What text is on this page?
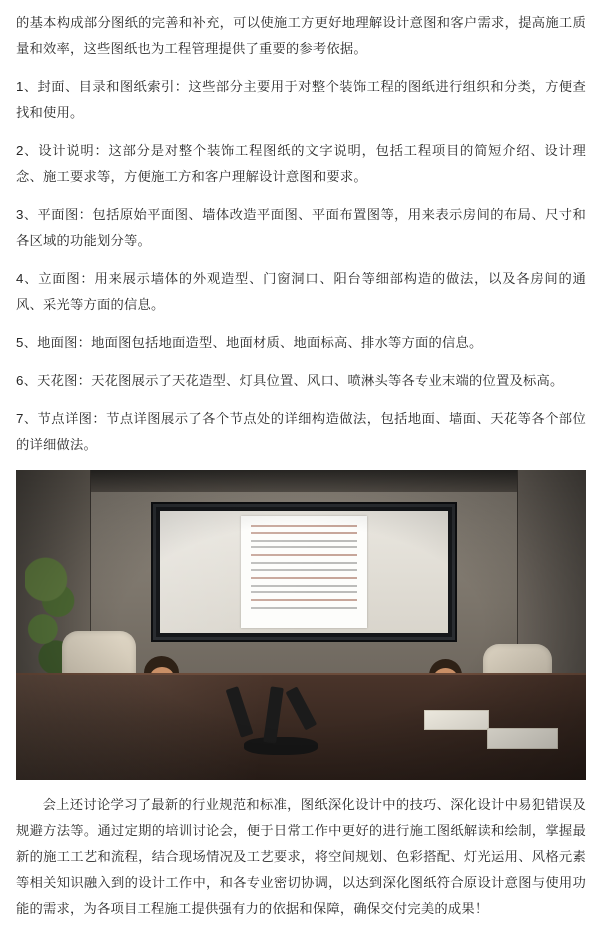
的基本构成部分图纸的完善和补充，可以使施工方更好地理解设计意图和客户需求，提高施工质量和效率，这些图纸也为工程管理提供了重要的参考依据。

1、封面、目录和图纸索引：这些部分主要用于对整个装饰工程的图纸进行组织和分类，方便查找和使用。

2、设计说明：这部分是对整个装饰工程图纸的文字说明，包括工程项目的简短介绍、设计理念、施工要求等，方便施工方和客户理解设计意图和要求。

3、平面图：包括原始平面图、墙体改造平面图、平面布置图等，用来表示房间的布局、尺寸和各区域的功能划分等。

4、立面图：用来展示墙体的外观造型、门窗洞口、阳台等细部构造的做法，以及各房间的通风、采光等方面的信息。

5、地面图：地面图包括地面造型、地面材质、地面标高、排水等方面的信息。

6、天花图：天花图展示了天花造型、灯具位置、风口、喷淋头等各专业末端的位置及标高。

7、节点详图：节点详图展示了各个节点处的详细构造做法，包括地面、墙面、天花等各个部位的详细做法。

会上还讨论学习了最新的行业规范和标准，图纸深化设计中的技巧、深化设计中易犯错误及规避方法等。通过定期的培训讨论会，便于日常工作中更好的进行施工图纸解读和绘制，掌握最新的施工工艺和流程，结合现场情况及工艺要求，将空间规划、色彩搭配、灯光运用、风格元素等相关知识融入到的设计工作中，和各专业密切协调，以达到深化图纸符合原设计意图与使用功能的需求，为各项目工程施工提供强有力的依据和保障，确保交付完美的成果！
